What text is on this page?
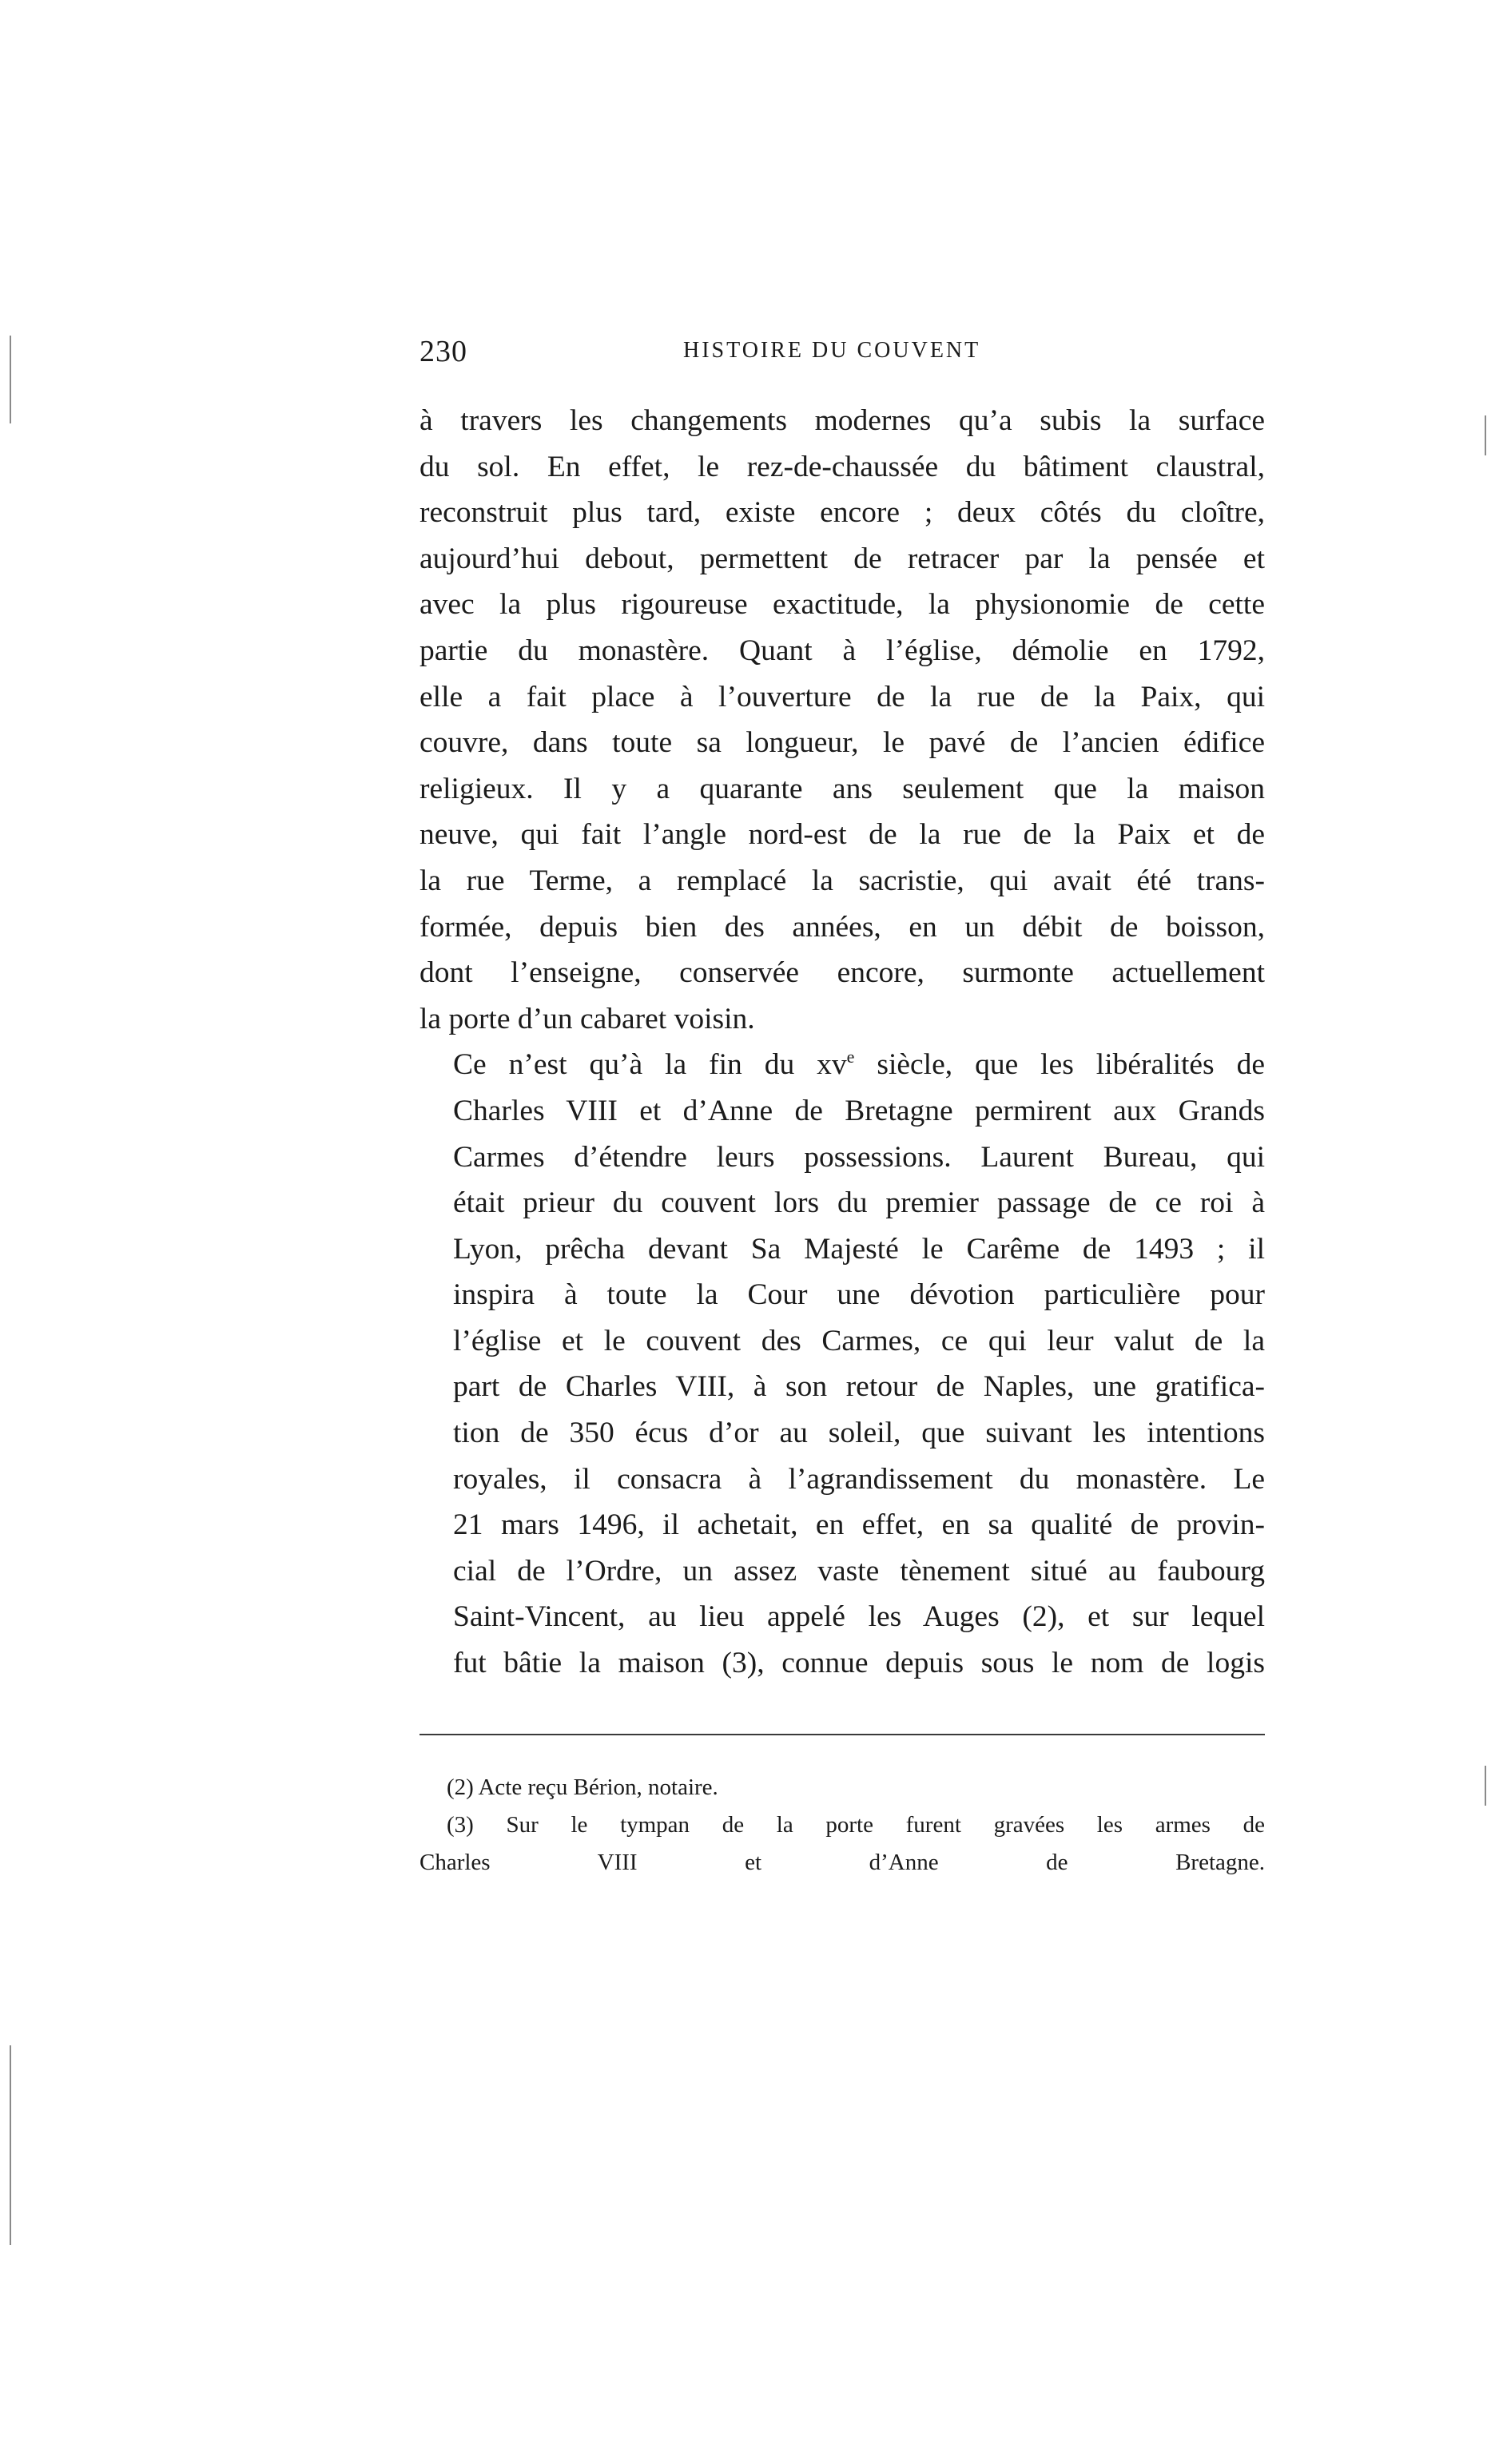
230	HISTOIRE DU COUVENT

à travers les changements modernes qu’a subis la surface
du sol. En effet, le rez-de-chaussée du bâtiment claustral,
reconstruit plus tard, existe encore ; deux côtés du cloître,
aujourd’hui debout, permettent de retracer par la pensée et
avec la plus rigoureuse exactitude, la physionomie de cette
partie du monastère. Quant à l’église, démolie en 1792,
elle a fait place à l’ouverture de la rue de la Paix, qui
couvre, dans toute sa longueur, le pavé de l’ancien édifice
religieux. Il y a quarante ans seulement que la maison
neuve, qui fait l’angle nord-est de la rue de la Paix et de
la rue Terme, a remplacé la sacristie, qui avait été trans-
formée, depuis bien des années, en un débit de boisson,
dont l’enseigne, conservée encore, surmonte actuellement
la porte d’un cabaret voisin.

Ce n’est qu’à la fin du $xv^e$ siècle, que les libéralités de
Charles VIII et d’Anne de Bretagne permirent aux Grands
Carmes d’étendre leurs possessions. Laurent Bureau, qui
était prieur du couvent lors du premier passage de ce roi à
Lyon, prêcha devant Sa Majesté le Carême de 1493 ; il
inspira à toute la Cour une dévotion particulière pour
l’église et le couvent des Carmes, ce qui leur valut de la
part de Charles VIII, à son retour de Naples, une gratifica-
tion de 350 écus d’or au soleil, que suivant les intentions
royales, il consacra à l’agrandissement du monastère. Le
21 mars 1496, il achetait, en effet, en sa qualité de provin-
cial de l’Ordre, un assez vaste tènement situé au faubourg
Saint-Vincent, au lieu appelé les Auges (2), et sur lequel
fut bâtie la maison (3), connue depuis sous le nom de logis

(2) Acte reçu Bérion, notaire.

(3) Sur le tympan de la porte furent gravées les armes de
Charles VIII et d’Anne de Bretagne.
